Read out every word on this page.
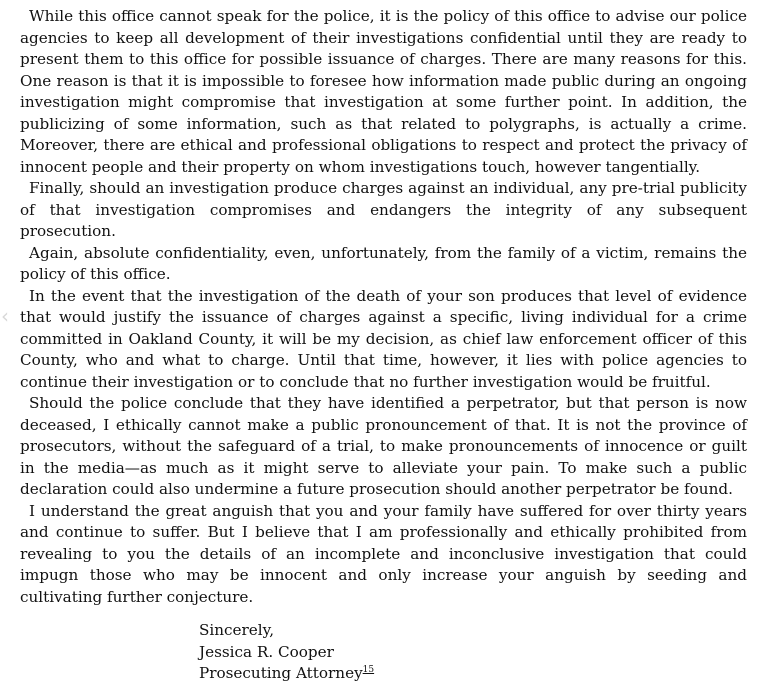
‹

While this office cannot speak for the police, it is the policy of this office to advise our police agencies to keep all development of their investigations confidential until they are ready to present them to this office for possible issuance of charges. There are many reasons for this. One reason is that it is impossible to foresee how information made public during an ongoing investigation might compromise that investigation at some further point. In addition, the publicizing of some information, such as that related to polygraphs, is actually a crime. Moreover, there are ethical and professional obligations to respect and protect the privacy of innocent people and their property on whom investigations touch, however tangentially.

Finally, should an investigation produce charges against an individual, any pre-trial publicity of that investigation compromises and endangers the integrity of any subsequent prosecution.

Again, absolute confidentiality, even, unfortunately, from the family of a victim, remains the policy of this office.

In the event that the investigation of the death of your son produces that level of evidence that would justify the issuance of charges against a specific, living individual for a crime committed in Oakland County, it will be my decision, as chief law enforcement officer of this County, who and what to charge. Until that time, however, it lies with police agencies to continue their investigation or to conclude that no further investigation would be fruitful.

Should the police conclude that they have identified a perpetrator, but that person is now deceased, I ethically cannot make a public pronouncement of that. It is not the province of prosecutors, without the safeguard of a trial, to make pronouncements of innocence or guilt in the media—as much as it might serve to alleviate your pain. To make such a public declaration could also undermine a future prosecution should another perpetrator be found.

I understand the great anguish that you and your family have suffered for over thirty years and continue to suffer. But I believe that I am professionally and ethically prohibited from revealing to you the details of an incomplete and inconclusive investigation that could impugn those who may be innocent and only increase your anguish by seeding and cultivating further conjecture.

Sincerely,
Jessica R. Cooper
Prosecuting Attorney$^{15}$
